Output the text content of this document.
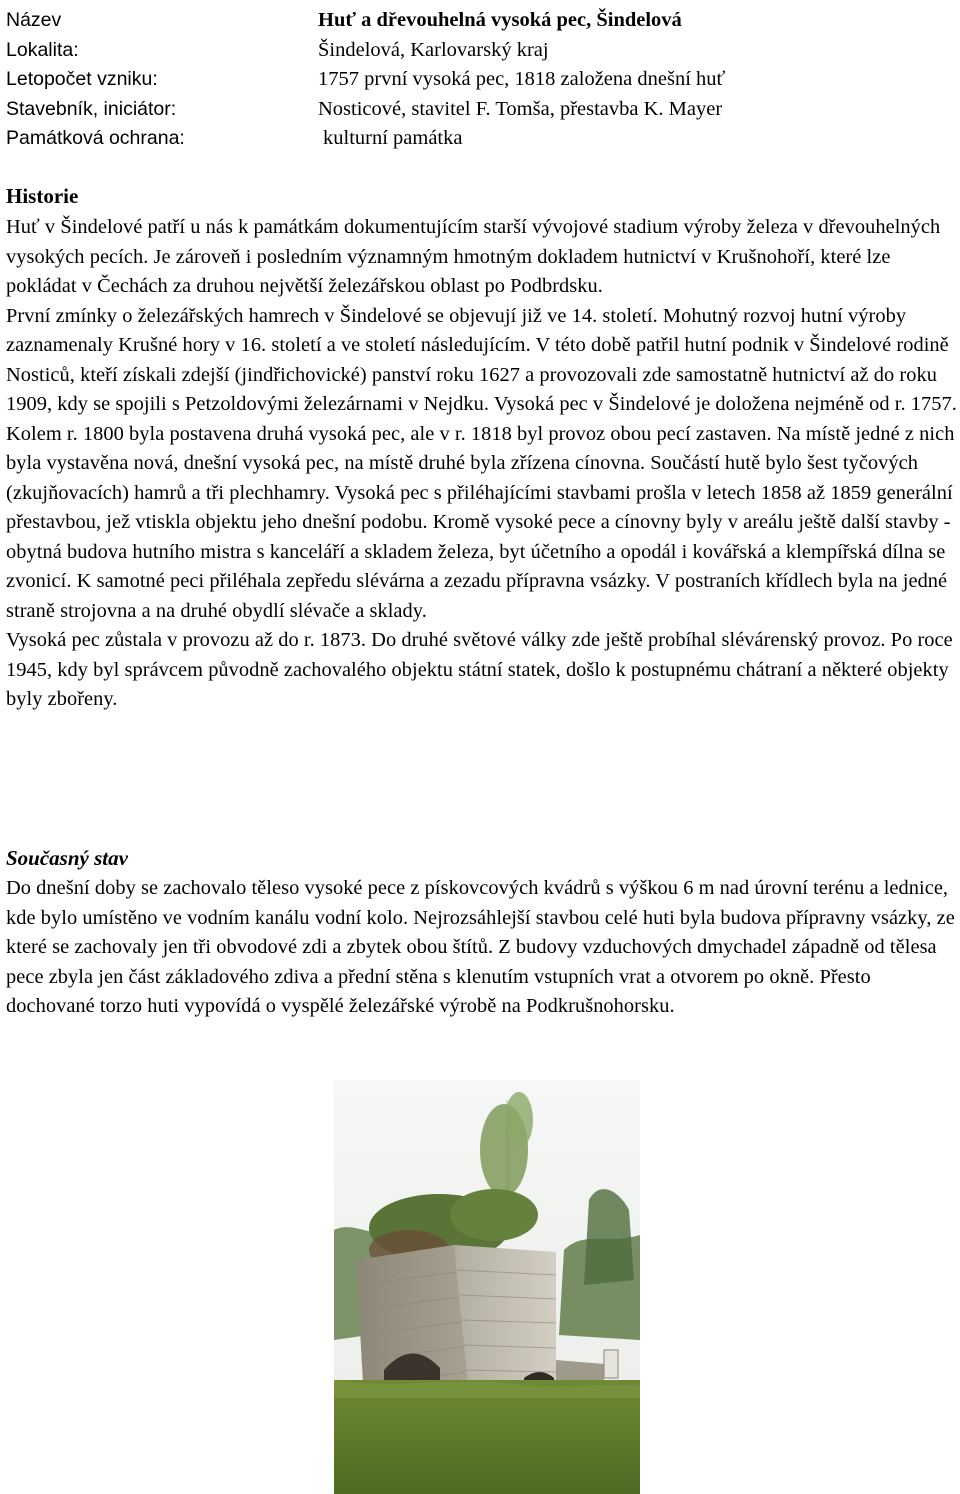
Název	Huť a dřevouhelná vysoká pec, Šindelová
Lokalita:	Šindelová, Karlovarský kraj
Letopočet vzniku:	1757 první vysoká pec, 1818 založena dnešní huť
Stavebník, iniciátor:	Nosticové, stavitel F. Tomša, přestavba K. Mayer
Památková ochrana:	kulturní památka
Historie

Huť v Šindelové patří u nás k památkám dokumentujícím starší vývojové stadium výroby železa v dřevouhelných vysokých pecích. Je zároveň i posledním významným hmotným dokladem hutnictví v Krušnohoří, které lze pokládat v Čechách za druhou největší železářskou oblast po Podbrdsku.

První zmínky o železářských hamrech v Šindelové se objevují již ve 14. století. Mohutný rozvoj hutní výroby zaznamenaly Krušné hory v 16. století a ve století následujícím. V této době patřil hutní podnik v Šindelové rodině Nosticů, kteří získali zdejší (jindřichovické) panství roku 1627 a provozovali zde samostatně hutnictví až do roku 1909, kdy se spojili s Petzoldovými železárnami v Nejdku. Vysoká pec v Šindelové je doložena nejméně od r. 1757. Kolem r. 1800 byla postavena druhá vysoká pec, ale v r. 1818 byl provoz obou pecí zastaven. Na místě jedné z nich byla vystavěna nová, dnešní vysoká pec, na místě druhé byla zřízena cínovna. Součástí hutě bylo šest tyčových (zkujňovacích) hamrů a tři plechhamry. Vysoká pec s přiléhajícími stavbami prošla v letech 1858 až 1859 generální přestavbou, jež vtiskla objektu jeho dnešní podobu. Kromě vysoké pece a cínovny byly v areálu ještě další stavby - obytná budova hutního mistra s kanceláří a skladem železa, byt účetního a opodál i kovářská a klempířská dílna se zvonicí. K samotné peci přiléhala zepředu slévárna a zezadu přípravna vsázky. V postraních křídlech byla na jedné straně strojovna a na druhé obydlí slévače a sklady.

Vysoká pec zůstala v provozu až do r. 1873. Do druhé světové války zde ještě probíhal slévárenský provoz. Po roce 1945, kdy byl správcem původně zachovalého objektu státní statek, došlo k postupnému chátraní a některé objekty byly zbořeny.

Současný stav

Do dnešní doby se zachovalo těleso vysoké pece z pískovcových kvádrů s výškou 6 m nad úrovní terénu a lednice, kde bylo umístěno ve vodním kanálu vodní kolo. Nejrozsáhlejší stavbou celé huti byla budova přípravny vsázky, ze které se zachovaly jen tři obvodové zdi a zbytek obou štítů. Z budovy vzduchových dmychadel západně od tělesa pece zbyla jen část základového zdiva a přední stěna s klenutím vstupních vrat a otvorem po okně. Přesto dochované torzo huti vypovídá o vyspělé železářské výrobě na Podkrušnohorsku.
